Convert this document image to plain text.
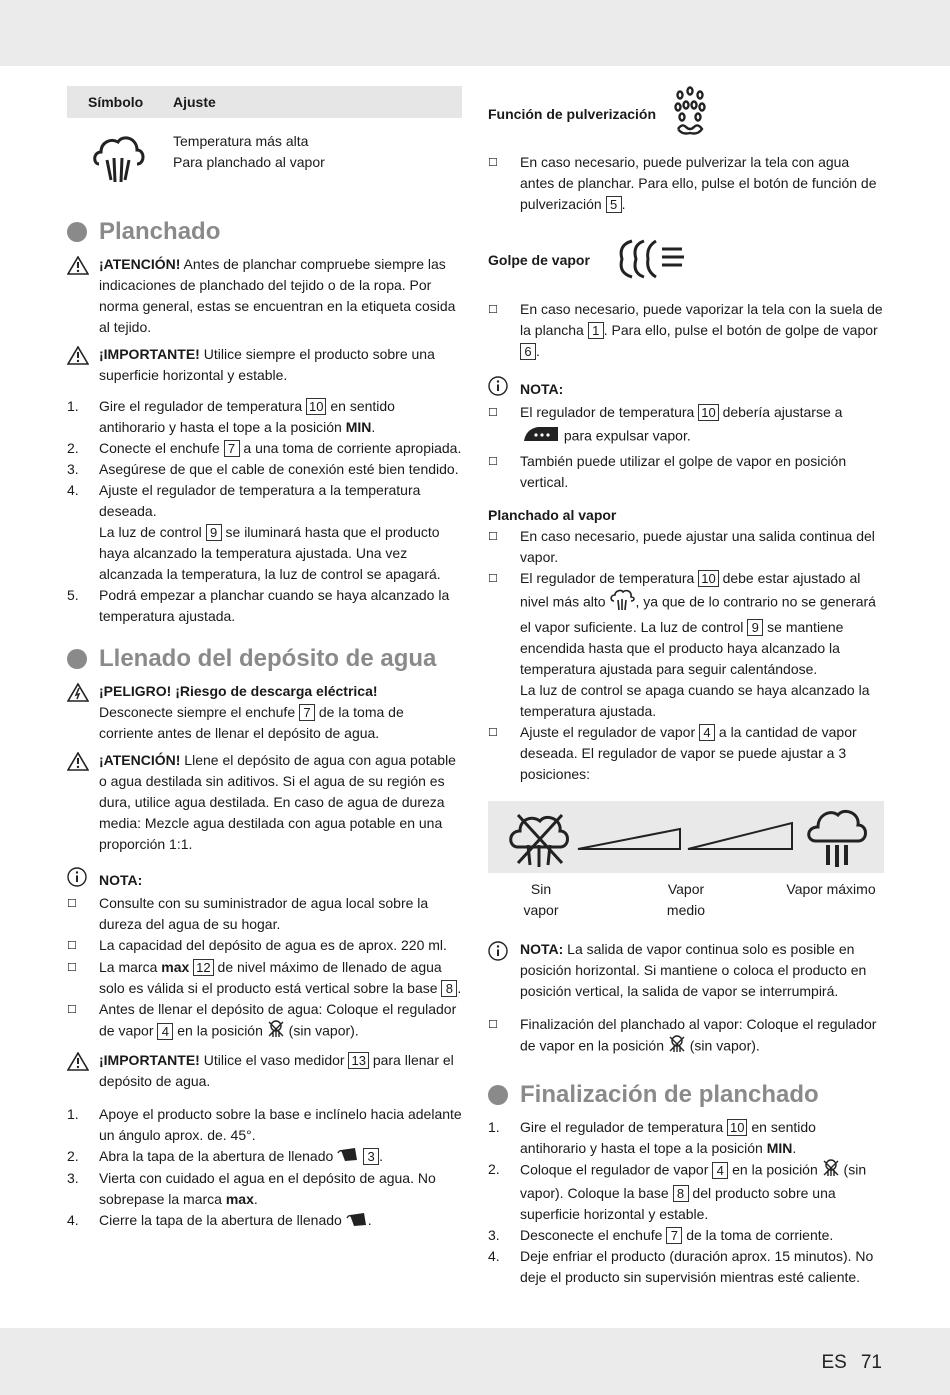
Símbolo	Ajuste
Temperatura más alta
Para planchado al vapor
Planchado
¡ATENCIÓN! Antes de planchar compruebe siempre las indicaciones de planchado del tejido o de la ropa. Por norma general, estas se encuentran en la etiqueta cosida al tejido.
¡IMPORTANTE! Utilice siempre el producto sobre una superficie horizontal y estable.
1.	Gire el regulador de temperatura 10 en sentido antihorario y hasta el tope a la posición MIN.
2.	Conecte el enchufe 7 a una toma de corriente apropiada.
3.	Asegúrese de que el cable de conexión esté bien tendido.
4.	Ajuste el regulador de temperatura a la temperatura deseada.
La luz de control 9 se iluminará hasta que el producto haya alcanzado la temperatura ajustada. Una vez alcanzada la temperatura, la luz de control se apagará.
5.	Podrá empezar a planchar cuando se haya alcanzado la temperatura ajustada.
Llenado del depósito de agua
¡PELIGRO! ¡Riesgo de descarga eléctrica!
Desconecte siempre el enchufe 7 de la toma de corriente antes de llenar el depósito de agua.
¡ATENCIÓN! Llene el depósito de agua con agua potable o agua destilada sin aditivos. Si el agua de su región es dura, utilice agua destilada. En caso de agua de dureza media: Mezcle agua destilada con agua potable en una proporción 1:1.
NOTA:
☐	Consulte con su suministrador de agua local sobre la dureza del agua de su hogar.
☐	La capacidad del depósito de agua es de aprox. 220 ml.
☐	La marca max 12 de nivel máximo de llenado de agua solo es válida si el producto está vertical sobre la base 8 .
☐	Antes de llenar el depósito de agua: Coloque el regulador de vapor 4 en la posición  (sin vapor).
¡IMPORTANTE! Utilice el vaso medidor 13 para llenar el depósito de agua.
1.	Apoye el producto sobre la base e inclínelo hacia adelante un ángulo aprox. de. 45°.
2.	Abra la tapa de la abertura de llenado  3 .
3.	Vierta con cuidado el agua en el depósito de agua. No sobrepase la marca max.
4.	Cierre la tapa de la abertura de llenado .
Función de pulverización
☐	En caso necesario, puede pulverizar la tela con agua antes de planchar. Para ello, pulse el botón de función de pulverización 5 .
Golpe de vapor
☐	En caso necesario, puede vaporizar la tela con la suela de la plancha 1 . Para ello, pulse el botón de golpe de vapor 6 .
NOTA:
☐	El regulador de temperatura 10 debería ajustarse a
para expulsar vapor.
☐	También puede utilizar el golpe de vapor en posición vertical.
Planchado al vapor
☐	En caso necesario, puede ajustar una salida continua del vapor.
☐	El regulador de temperatura 10 debe estar ajustado al nivel más alto , ya que de lo contrario no se generará el vapor suficiente. La luz de control 9 se mantiene encendida hasta que el producto haya alcanzado la temperatura ajustada para seguir calentándose.
La luz de control se apaga cuando se haya alcanzado la temperatura ajustada.
☐	Ajuste el regulador de vapor 4 a la cantidad de vapor deseada. El regulador de vapor se puede ajustar a 3 posiciones:
Sin
vapor
Vapor
medio
Vapor máximo
NOTA: La salida de vapor continua solo es posible en posición horizontal. Si mantiene o coloca el producto en posición vertical, la salida de vapor se interrumpirá.
☐	Finalización del planchado al vapor: Coloque el regulador de vapor en la posición  (sin vapor).
Finalización de planchado
1.	Gire el regulador de temperatura 10 en sentido antihorario y hasta el tope a la posición MIN.
2.	Coloque el regulador de vapor 4 en la posición  (sin vapor). Coloque la base 8 del producto sobre una superficie horizontal y estable.
3.	Desconecte el enchufe 7 de la toma de corriente.
4.	Deje enfriar el producto (duración aprox. 15 minutos). No deje el producto sin supervisión mientras esté caliente.
ES 71
